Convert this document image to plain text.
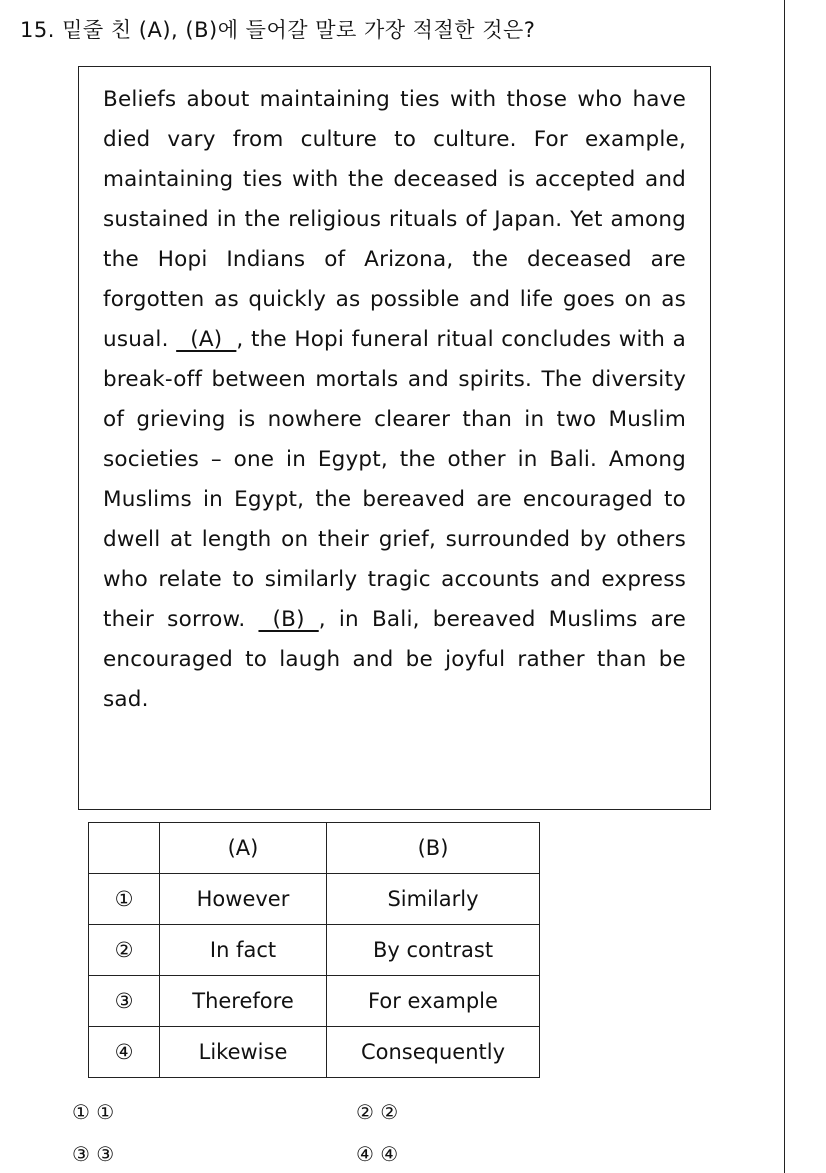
15. 밑줄 친 (A), (B)에 들어갈 말로 가장 적절한 것은?

Beliefs about maintaining ties with those who have died vary from culture to culture. For example, maintaining ties with the deceased is accepted and sustained in the religious rituals of Japan. Yet among the Hopi Indians of Arizona, the deceased are forgotten as quickly as possible and life goes on as usual.   (A)  , the Hopi funeral ritual concludes with a break-off between mortals and spirits. The diversity of grieving is nowhere clearer than in two Muslim societies – one in Egypt, the other in Bali. Among Muslims in Egypt, the bereaved are encouraged to dwell at length on their grief, surrounded by others who relate to similarly tragic accounts and express their sorrow.   (B)  , in Bali, bereaved Muslims are encouraged to laugh and be joyful rather than be sad.

	(A)	(B)
①	However	Similarly
②	In fact	By contrast
③	Therefore	For example
④	Likewise	Consequently
① ①	② ②
③ ③	④ ④
